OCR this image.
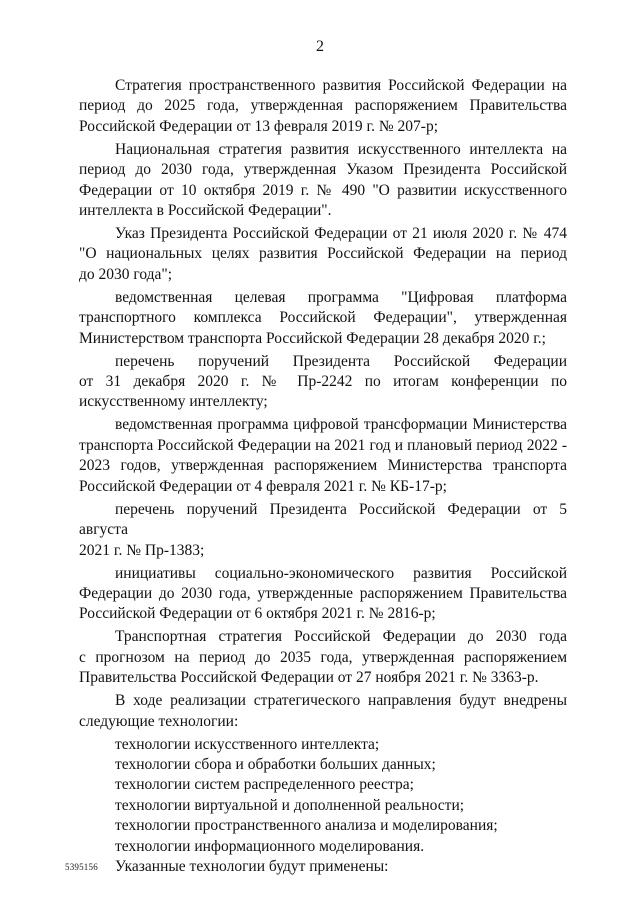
2
Стратегия пространственного развития Российской Федерации на
период до 2025 года, утвержденная распоряжением Правительства
Российской Федерации от 13 февраля 2019 г. № 207-р;
Национальная стратегия развития искусственного интеллекта на
период до 2030 года, утвержденная Указом Президента Российской
Федерации от 10 октября 2019 г. № 490 "О развитии искусственного
интеллекта в Российской Федерации".
Указ Президента Российской Федерации от 21 июля 2020 г. № 474
"О национальных целях развития Российской Федерации на период
до 2030 года";
ведомственная целевая программа "Цифровая платформа
транспортного комплекса Российской Федерации", утвержденная
Министерством транспорта Российской Федерации 28 декабря 2020 г.;
перечень поручений Президента Российской Федерации
от 31 декабря 2020 г. № Пр-2242 по итогам конференции по
искусственному интеллекту;
ведомственная программа цифровой трансформации Министерства
транспорта Российской Федерации на 2021 год и плановый период 2022 -
2023 годов, утвержденная распоряжением Министерства транспорта
Российской Федерации от 4 февраля 2021 г. № КБ-17-р;
перечень поручений Президента Российской Федерации от 5 августа
2021 г. № Пр-1383;
инициативы социально-экономического развития Российской
Федерации до 2030 года, утвержденные распоряжением Правительства
Российской Федерации от 6 октября 2021 г. № 2816-р;
Транспортная стратегия Российской Федерации до 2030 года
с прогнозом на период до 2035 года, утвержденная распоряжением
Правительства Российской Федерации от 27 ноября 2021 г. № 3363-р.
В ходе реализации стратегического направления будут внедрены
следующие технологии:

технологии искусственного интеллекта;

технологии сбора и обработки больших данных;

технологии систем распределенного реестра;

технологии виртуальной и дополненной реальности;

технологии пространственного анализа и моделирования;

технологии информационного моделирования.

Указанные технологии будут применены:

5395156
